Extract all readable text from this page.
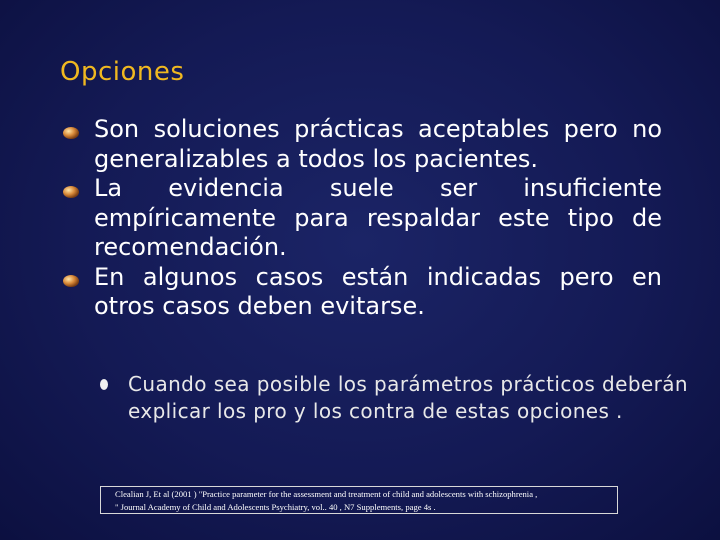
Opciones

Son soluciones prácticas aceptables pero no generalizables a todos los pacientes.

La evidencia suele ser insuficiente empíricamente para respaldar este tipo de recomendación.

En algunos casos están indicadas pero en otros casos deben evitarse.

Cuando sea posible los parámetros prácticos deberán explicar los pro y los contra de estas opciones .

Clealian J, Et al (2001 ) "Practice parameter for the assessment and treatment of child and adolescents with schizophrenia ,
" Journal Academy of Child and Adolescents Psychiatry, vol.. 40 , N7 Supplements, page 4s .
